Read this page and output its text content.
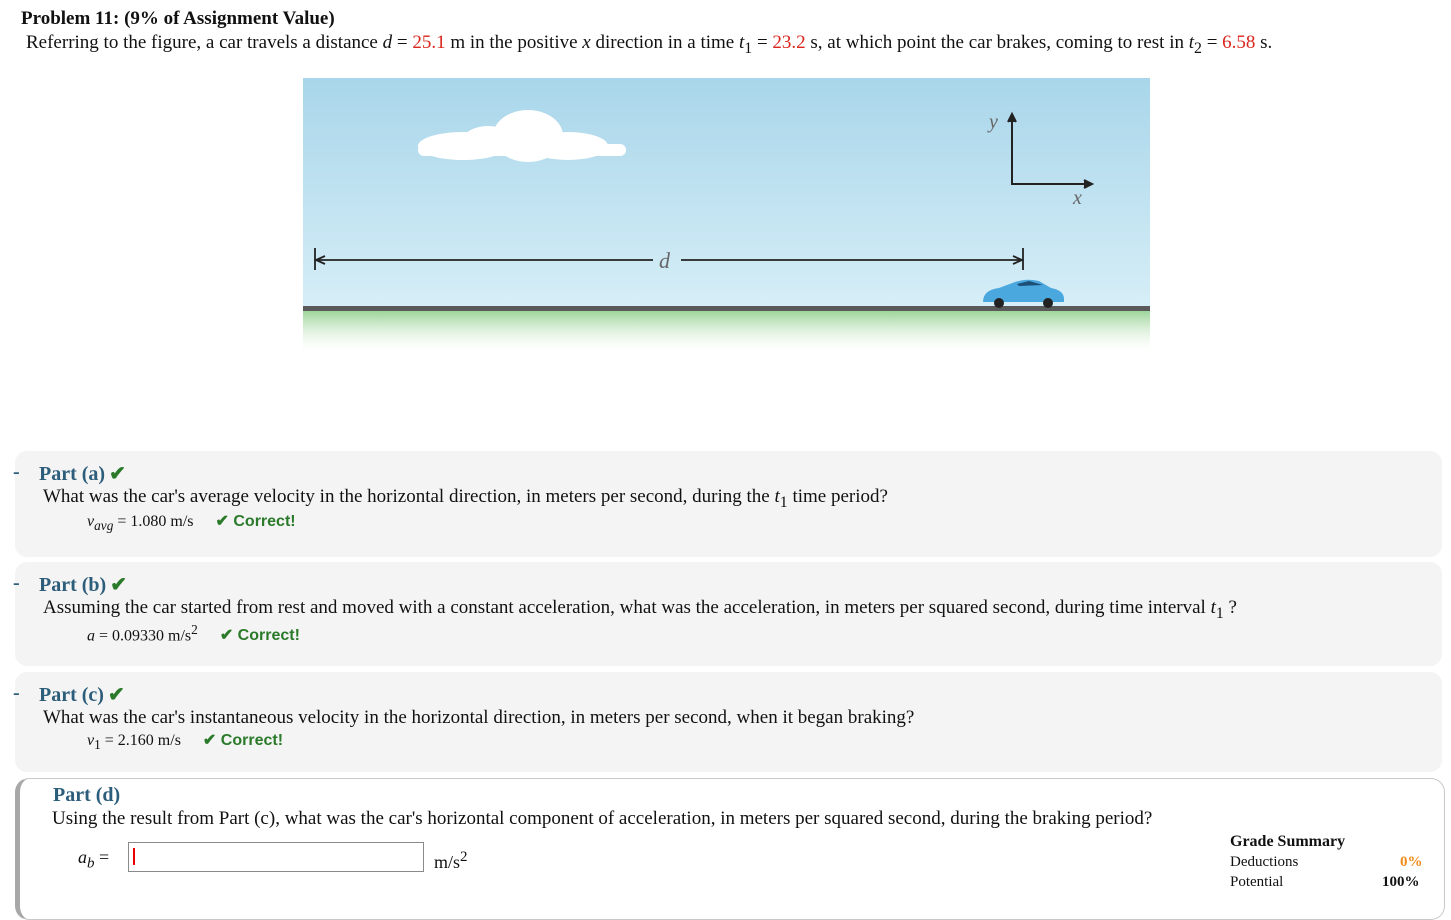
Problem 11: (9% of Assignment Value)
Referring to the figure, a car travels a distance d = 25.1 m in the positive x direction in a time $t_1 = 23.2$ s, at which point the car brakes, coming to rest in $t_2 = 6.58$ s.
y
x
d
- Part (a) ✔
What was the car's average velocity in the horizontal direction, in meters per second, during the $t_1$ time period?
$v_{avg} = 1.080$ m/s ✔ Correct!
- Part (b) ✔
Assuming the car started from rest and moved with a constant acceleration, what was the acceleration, in meters per squared second, during time interval $t_1$ ?
a = 0.09330 $m/s^2$ ✔ Correct!
- Part (c) ✔
What was the car's instantaneous velocity in the horizontal direction, in meters per second, when it began braking?
$v_1 = 2.160$ m/s ✔ Correct!
Part (d)
Using the result from Part (c), what was the car's horizontal component of acceleration, in meters per squared second, during the braking period?
$a_b$ =	$m/s^2$
Grade Summary
Deductions	0%
Potential	100%
